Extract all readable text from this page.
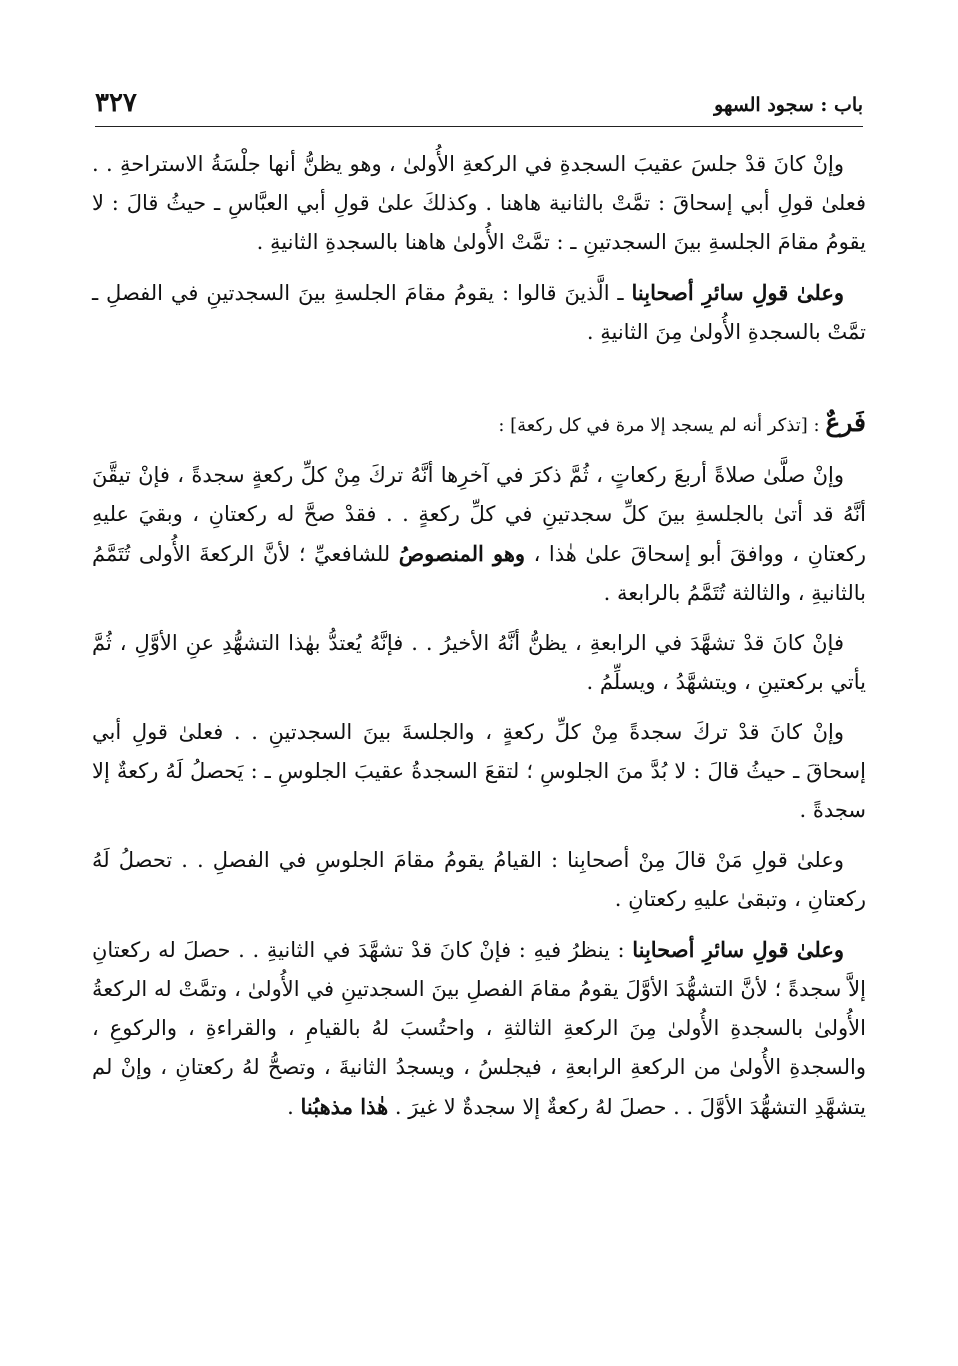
باب : سجود السهو
٣٢٧

وإنْ كانَ قدْ جلسَ عقيبَ السجدةِ في الركعةِ الأُولىٰ ، وهو يظنُّ أنها جلْسَةُ الاستراحةِ . . فعلىٰ قولِ أبي إسحاقَ : تمَّتْ بالثانية هاهنا . وكذلكَ علىٰ قولِ أبي العبَّاسِ ـ حيثُ قالَ : لا يقومُ مقامَ الجلسةِ بينَ السجدتينِ ـ : تمَّتْ الأُولىٰ هاهنا بالسجدةِ الثانيةِ .

وعلىٰ قولِ سائرِ أصحابِنا ـ الَّذينَ قالوا : يقومُ مقامَ الجلسةِ بينَ السجدتينِ في الفصلِ ـ تمَّتْ بالسجدةِ الأُولىٰ مِنَ الثانيةِ .

فَرعٌ : [تذكر أنه لم يسجد إلا مرة في كل ركعة] :

وإنْ صلَّىٰ صلاةً أربعَ ركعاتٍ ، ثُمَّ ذكرَ في آخرِها أنَّهُ تركَ مِنْ كلِّ ركعةٍ سجدةً ، فإنْ تيقَّنَ أنَّهُ قد أتىٰ بالجلسةِ بينَ كلِّ سجدتينِ في كلِّ ركعةٍ . . فقدْ صحَّ له ركعتانِ ، وبقيَ عليهِ ركعتانِ ، ووافقَ أبو إسحاقَ علىٰ هٰذا ، وهو المنصوصُ للشافعيِّ ؛ لأنَّ الركعةَ الأُولى تُتَمَّمُ بالثانيةِ ، والثالثة تُتَمَّمُ بالرابعة .

فإنْ كانَ قدْ تشهَّدَ في الرابعةِ ، يظنُّ أنَّهُ الأخيرُ . . فإنَّهُ يُعتدُّ بهٰذا التشهُّدِ عنِ الأوَّلِ ، ثُمَّ يأتي بركعتينِ ، ويتشهَّدُ ، ويسلِّمُ .

وإنْ كانَ قدْ تركَ سجدةً مِنْ كلِّ ركعةٍ ، والجلسةَ بينَ السجدتينِ . . فعلىٰ قولِ أبي إسحاقَ ـ حيثُ قالَ : لا بُدَّ منَ الجلوسِ ؛ لتقعَ السجدةُ عقيبَ الجلوسِ ـ : يَحصلُ لَهُ ركعةٌ إلا سجدةً .

وعلىٰ قولِ مَنْ قالَ مِنْ أصحابِنا : القيامُ يقومُ مقامَ الجلوسِ في الفصلِ . . تحصلُ لَهُ ركعتانِ ، وتبقىٰ عليهِ ركعتانِ .

وعلىٰ قولِ سائرِ أصحابِنا : ينظرُ فيهِ : فإنْ كانَ قدْ تشهَّدَ في الثانيةِ . . حصلَ له ركعتانِ إلاَّ سجدةً ؛ لأنَّ التشهُّدَ الأوَّلَ يقومُ مقامَ الفصلِ بينَ السجدتينِ في الأُولىٰ ، وتمَّتْ له الركعةُ الأُولىٰ بالسجدةِ الأُولىٰ مِنَ الركعةِ الثالثةِ ، واحتُسبَ لهُ بالقيامِ ، والقراءةِ ، والركوعِ ، والسجدةِ الأُولىٰ من الركعةِ الرابعةِ ، فيجلسُ ، ويسجدُ الثانيةَ ، وتصحُّ لهُ ركعتانِ ، وإنْ لم يتشهَّدِ التشهُّدَ الأوَّلَ . . حصلَ لهُ ركعةٌ إلا سجدةٌ لا غيرَ . هٰذا مذهبُنا .
